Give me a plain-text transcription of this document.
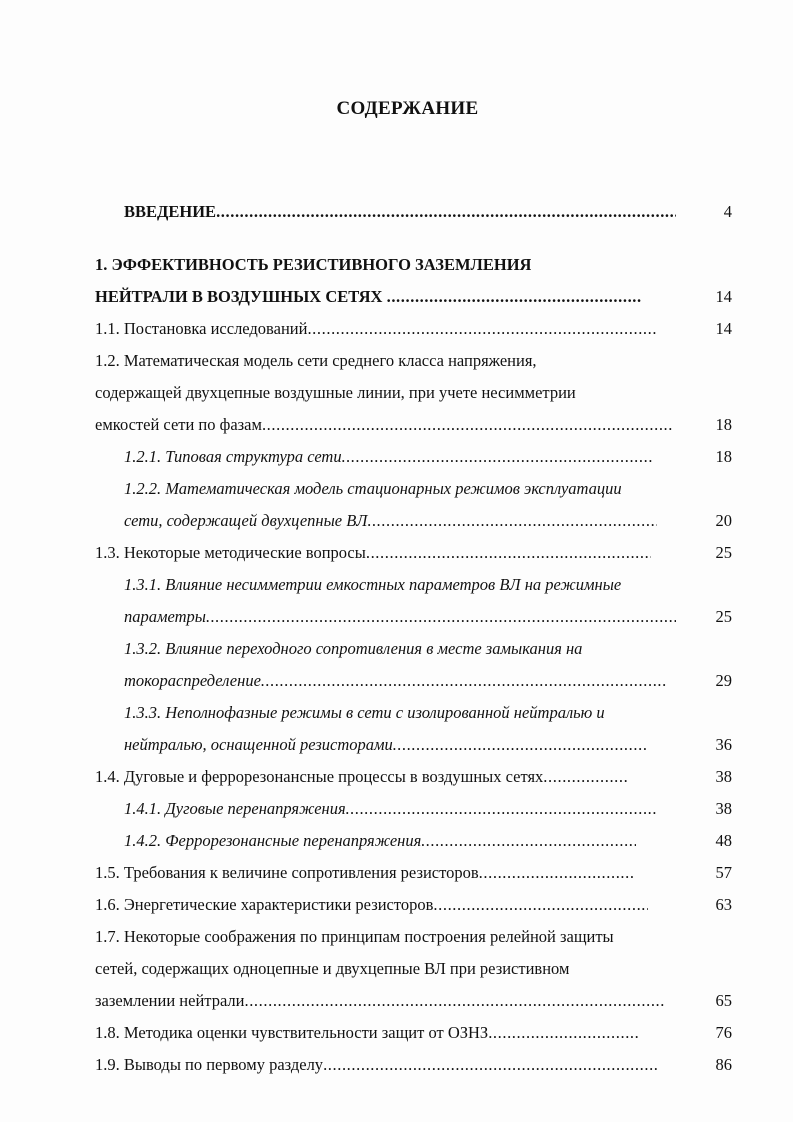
СОДЕРЖАНИЕ
ВВЕДЕНИЕ .....	4
1. ЭФФЕКТИВНОСТЬ РЕЗИСТИВНОГО ЗАЗЕМЛЕНИЯ
НЕЙТРАЛИ В ВОЗДУШНЫХ СЕТЯХ .....	14
1.1. Постановка исследований .....	14
1.2. Математическая модель сети среднего класса напряжения,
содержащей двухцепные воздушные линии, при учете несимметрии
емкостей сети по фазам .....	18
1.2.1. Типовая структура сети .....	18
1.2.2. Математическая модель стационарных режимов эксплуатации
сети, содержащей двухцепные ВЛ .....	20
1.3. Некоторые методические вопросы .....	25
1.3.1. Влияние несимметрии емкостных параметров ВЛ на режимные
параметры .....	25
1.3.2. Влияние переходного сопротивления в месте замыкания на
токораспределение .....	29
1.3.3. Неполнофазные режимы в сети с изолированной нейтралью и
нейтралью, оснащенной резисторами .....	36
1.4. Дуговые и феррорезонансные процессы в воздушных сетях .....	38
1.4.1. Дуговые перенапряжения .....	38
1.4.2. Феррорезонансные перенапряжения .....	48
1.5. Требования к величине сопротивления резисторов .....	57
1.6. Энергетические характеристики резисторов .....	63
1.7. Некоторые соображения по принципам построения релейной защиты
сетей, содержащих одноцепные и двухцепные ВЛ при резистивном
заземлении нейтрали .....	65
1.8. Методика оценки чувствительности защит от ОЗНЗ .....	76
1.9. Выводы по первому разделу .....	86
